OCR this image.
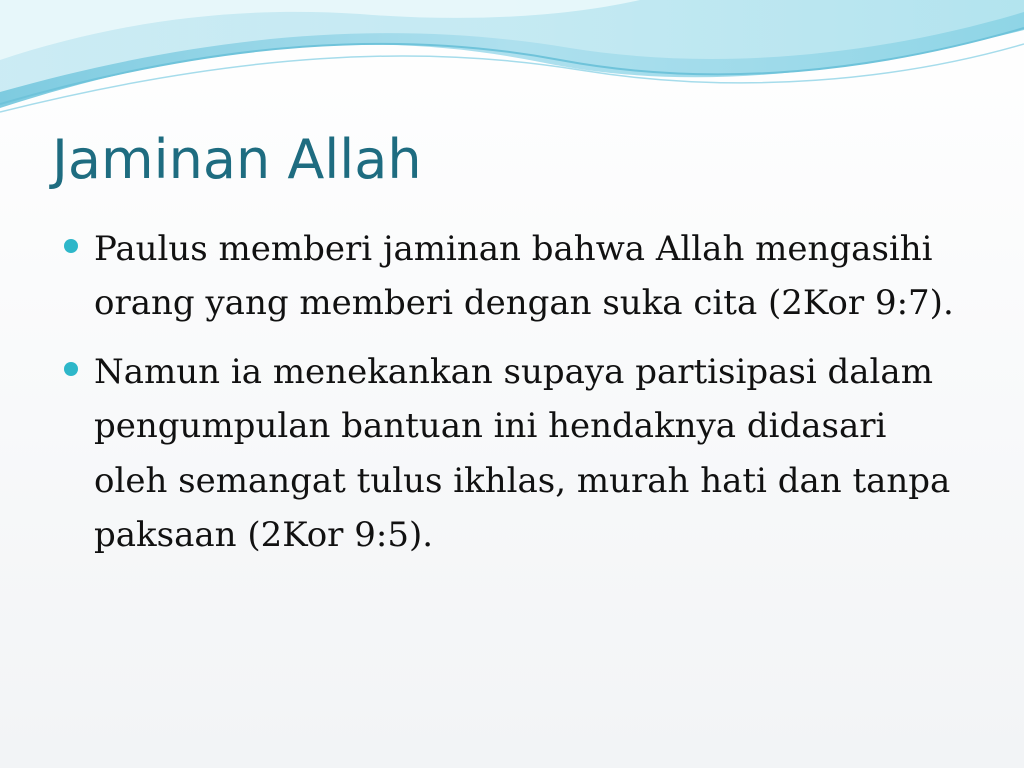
Jaminan Allah
Paulus memberi jaminan bahwa Allah mengasihi orang yang memberi dengan suka cita (2Kor 9:7).
Namun ia menekankan supaya partisipasi dalam pengumpulan bantuan ini hendaknya didasari oleh semangat tulus ikhlas, murah hati dan tanpa paksaan (2Kor 9:5).
